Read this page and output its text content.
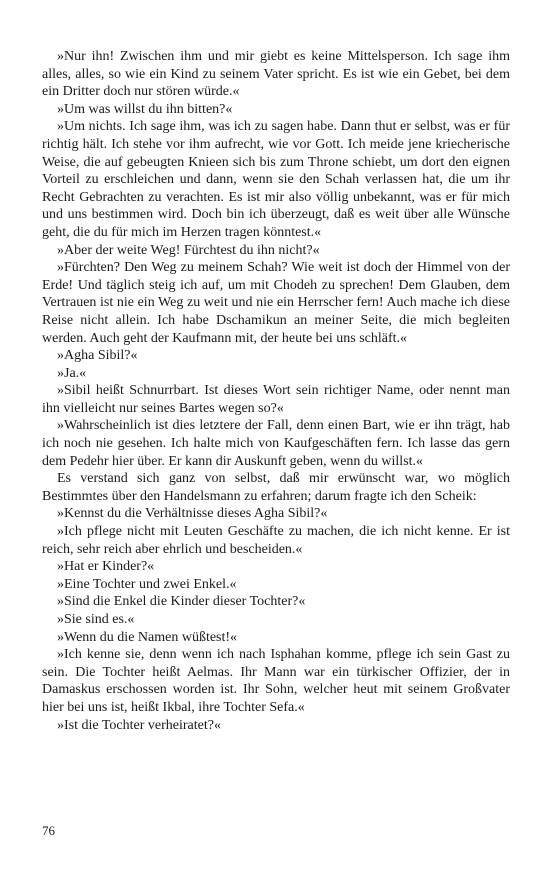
»Nur ihn! Zwischen ihm und mir giebt es keine Mittelsperson. Ich sage ihm alles, alles, so wie ein Kind zu seinem Vater spricht. Es ist wie ein Gebet, bei dem ein Dritter doch nur stören würde.«

»Um was willst du ihn bitten?«

»Um nichts. Ich sage ihm, was ich zu sagen habe. Dann thut er selbst, was er für richtig hält. Ich stehe vor ihm aufrecht, wie vor Gott. Ich meide jene kriecherische Weise, die auf gebeugten Knieen sich bis zum Throne schiebt, um dort den eignen Vorteil zu erschleichen und dann, wenn sie den Schah verlassen hat, die um ihr Recht Gebrachten zu verachten. Es ist mir also völlig unbekannt, was er für mich und uns bestimmen wird. Doch bin ich überzeugt, daß es weit über alle Wünsche geht, die du für mich im Herzen tragen könntest.«

»Aber der weite Weg! Fürchtest du ihn nicht?«

»Fürchten? Den Weg zu meinem Schah? Wie weit ist doch der Himmel von der Erde! Und täglich steig ich auf, um mit Chodeh zu sprechen! Dem Glauben, dem Vertrauen ist nie ein Weg zu weit und nie ein Herrscher fern! Auch mache ich diese Reise nicht allein. Ich habe Dschamikun an meiner Seite, die mich begleiten werden. Auch geht der Kaufmann mit, der heute bei uns schläft.«

»Agha Sibil?«

»Ja.«

»Sibil heißt Schnurrbart. Ist dieses Wort sein richtiger Name, oder nennt man ihn vielleicht nur seines Bartes wegen so?«

»Wahrscheinlich ist dies letztere der Fall, denn einen Bart, wie er ihn trägt, hab ich noch nie gesehen. Ich halte mich von Kaufgeschäften fern. Ich lasse das gern dem Pedehr hier über. Er kann dir Auskunft geben, wenn du willst.«

Es verstand sich ganz von selbst, daß mir erwünscht war, wo möglich Bestimmtes über den Handelsmann zu erfahren; darum fragte ich den Scheik:

»Kennst du die Verhältnisse dieses Agha Sibil?«

»Ich pflege nicht mit Leuten Geschäfte zu machen, die ich nicht kenne. Er ist reich, sehr reich aber ehrlich und bescheiden.«

»Hat er Kinder?«

»Eine Tochter und zwei Enkel.«

»Sind die Enkel die Kinder dieser Tochter?«

»Sie sind es.«

»Wenn du die Namen wüßtest!«

»Ich kenne sie, denn wenn ich nach Isphahan komme, pflege ich sein Gast zu sein. Die Tochter heißt Aelmas. Ihr Mann war ein türkischer Offizier, der in Damaskus erschossen worden ist. Ihr Sohn, welcher heut mit seinem Großvater hier bei uns ist, heißt Ikbal, ihre Tochter Sefa.«

»Ist die Tochter verheiratet?«

76
